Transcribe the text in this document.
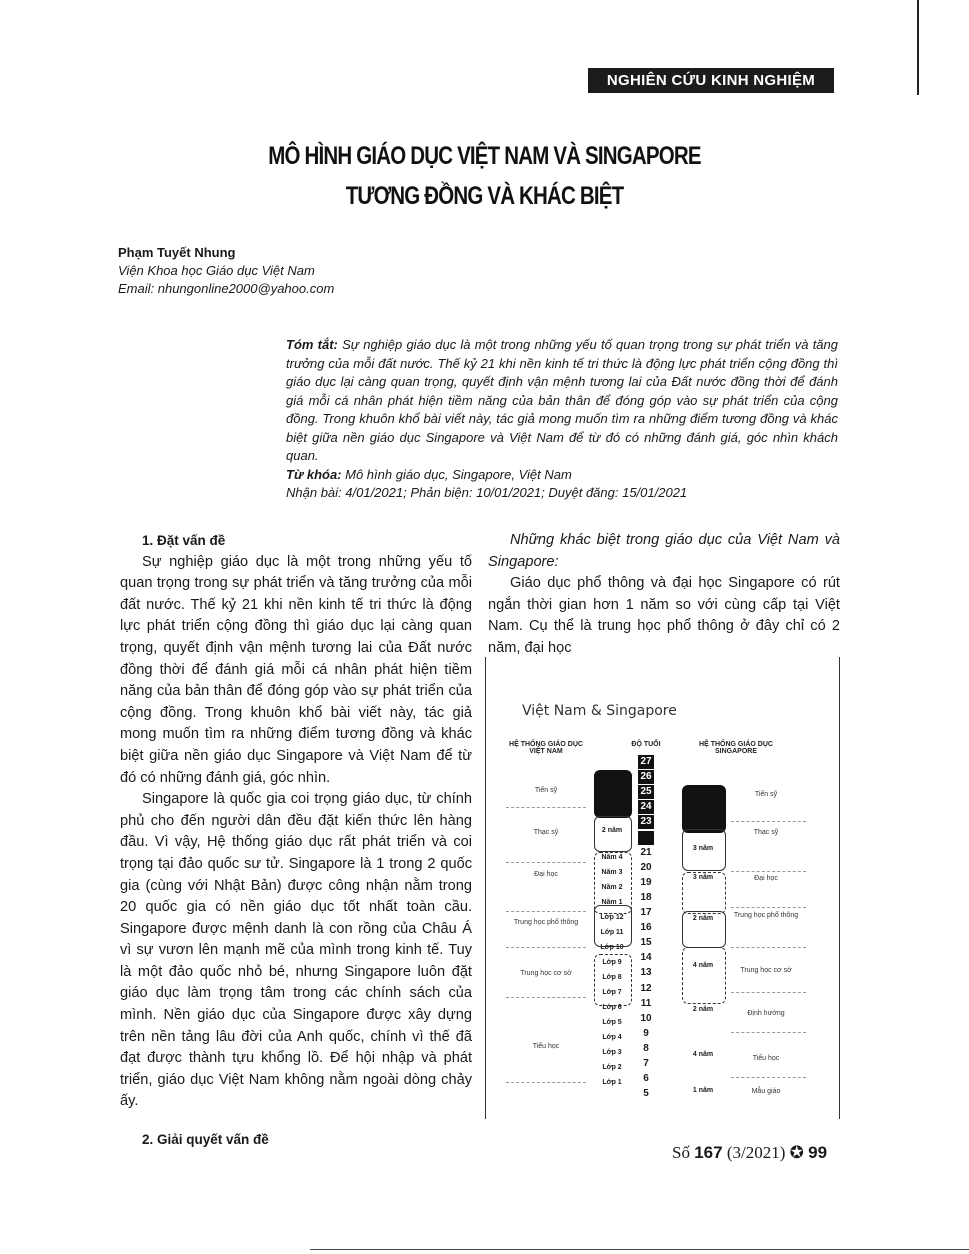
NGHIÊN CỨU KINH NGHIỆM
MÔ HÌNH GIÁO DỤC VIỆT NAM VÀ SINGAPORE
TƯƠNG ĐỒNG VÀ KHÁC BIỆT
Phạm Tuyết Nhung
Viện Khoa học Giáo dục Việt Nam
Email: nhungonline2000@yahoo.com
Tóm tắt: Sự nghiệp giáo dục là một trong những yếu tố quan trọng trong sự phát triển và tăng trưởng của mỗi đất nước. Thế kỷ 21 khi nền kinh tế tri thức là động lực phát triển cộng đồng thì giáo dục lại càng quan trọng, quyết định vận mệnh tương lai của Đất nước đồng thời để đánh giá mỗi cá nhân phát hiện tiềm năng của bản thân để đóng góp vào sự phát triển của cộng đồng. Trong khuôn khổ bài viết này, tác giả mong muốn tìm ra những điểm tương đồng và khác biệt giữa nền giáo dục Singapore và Việt Nam để từ đó có những đánh giá, góc nhìn khách quan.
Từ khóa: Mô hình giáo dục, Singapore, Việt Nam
Nhận bài: 4/01/2021; Phản biện: 10/01/2021; Duyệt đăng: 15/01/2021
1. Đặt vấn đề

Sự nghiệp giáo dục là một trong những yếu tố quan trọng trong sự phát triển và tăng trưởng của mỗi đất nước. Thế kỷ 21 khi nền kinh tế tri thức là động lực phát triển cộng đồng thì giáo dục lại càng quan trọng, quyết định vận mệnh tương lai của Đất nước đồng thời để đánh giá mỗi cá nhân phát hiện tiềm năng của bản thân để đóng góp vào sự phát triển của cộng đồng. Trong khuôn khổ bài viết này, tác giả mong muốn tìm ra những điểm tương đồng và khác biệt giữa nền giáo dục Singapore và Việt Nam để từ đó có những đánh giá, góc nhìn.

Singapore là quốc gia coi trọng giáo dục, từ chính phủ cho đến người dân đều đặt kiến thức lên hàng đầu. Vì vậy, Hệ thống giáo dục rất phát triển và coi trọng tại đảo quốc sư tử. Singapore là 1 trong 2 quốc gia (cùng với Nhật Bản) được công nhận nằm trong 20 quốc gia có nền giáo dục tốt nhất toàn cầu. Singapore được mệnh danh là con rồng của Châu Á vì sự vươn lên mạnh mẽ của mình trong kinh tế. Tuy là một đảo quốc nhỏ bé, nhưng Singapore luôn đặt giáo dục làm trọng tâm trong các chính sách của mình. Nền giáo dục của Singapore được xây dựng trên nền tảng lâu đời của Anh quốc, chính vì thế đã đạt được thành tựu khổng lồ. Để hội nhập và phát triển, giáo dục Việt Nam không nằm ngoài dòng chảy ấy.

2. Giải quyết vấn đề

Những khác biệt trong giáo dục của Việt Nam và Singapore:

Giáo dục phổ thông và đại học Singapore có rút ngắn thời gian hơn 1 năm so với cùng cấp tại Việt Nam. Cụ thể là trung học phổ thông ở đây chỉ có 2 năm, đại học

Việt Nam & Singapore
HỆ THỐNG GIÁO DỤC VIỆT NAM
ĐỘ TUỔI	HỆ THỐNG GIÁO DỤC SINGAPORE
27
26
25
24
23
21
20
19
18
17
16
15
14
13
12
11
10
9
8
7
6
5
2 năm
Năm 4
Năm 3
Năm 2
Năm 1
Lớp 12
Lớp 11
Lớp 10
Lớp 9
Lớp 8
Lớp 7
Lớp 6
Lớp 5
Lớp 4
Lớp 3
Lớp 2
Lớp 1
Tiến sỹ
Thạc sỹ
Đại học
Trung học phổ thông
Trung học cơ sở
Tiểu học
3 năm
3 năm
2 năm
4 năm
2 năm
4 năm
1 năm
Tiến sỹ
Thạc sỹ
Đại học
Trung học phổ thông
Trung học cơ sở
Định hướng
Tiểu học
Mẫu giáo
Số 167 (3/2021) ✪ 99
